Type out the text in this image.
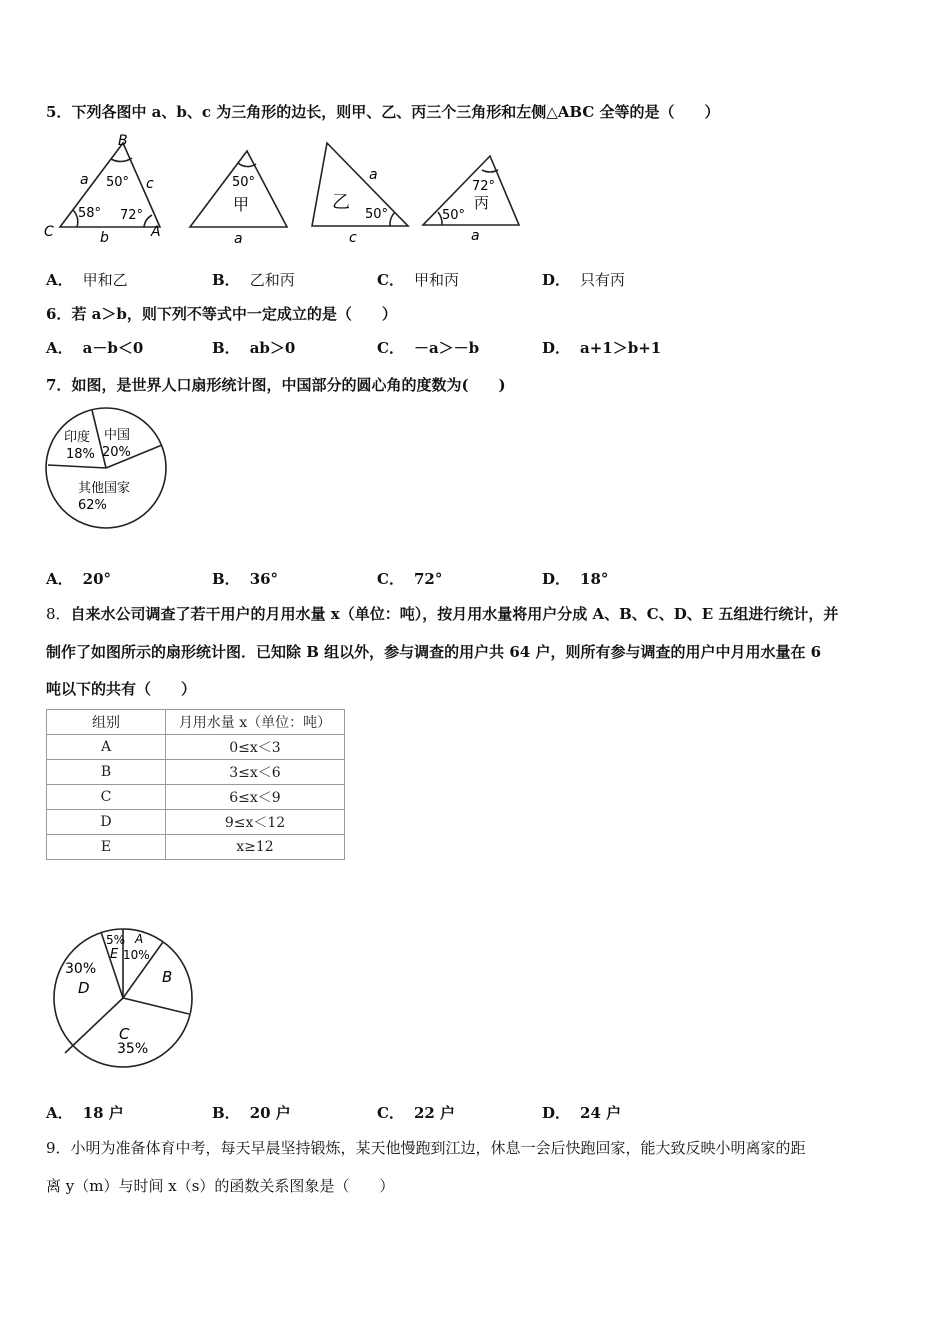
5．下列各图中 a、b、c 为三角形的边长，则甲、乙、丙三个三角形和左侧△ABC 全等的是（　　）
B
C	A
a	c
b
50°
58° 72°
50°
甲
a
a
乙
50°
c
72°
丙
50°
a
A． 甲和乙	B． 乙和丙	C． 甲和丙	D． 只有丙
6．若 a＞b，则下列不等式中一定成立的是（　　）
A． a－b＜0	B． ab＞0	C． －a＞－b	D． a+1＞b+1
7．如图，是世界人口扇形统计图，中国部分的圆心角的度数为(　　)
印度
18%
中国
20%
其他国家
62%
A． 20°	B． 36°	C． 72°	D． 18°
8．自来水公司调查了若干用户的月用水量 x（单位：吨），按月用水量将用户分成 A、B、C、D、E 五组进行统计，并
制作了如图所示的扇形统计图．已知除 B 组以外，参与调查的用户共 64 户，则所有参与调查的用户中月用水量在 6
吨以下的共有（　　）
组别	月用水量 x（单位：吨）
A	0≤x＜3
B	3≤x＜6
C	6≤x＜9
D	9≤x＜12
E	x≥12
5%
E
A
10%
B
30%
D
C
35%
A． 18 户	B． 20 户	C． 22 户	D． 24 户
9．小明为准备体育中考，每天早晨坚持锻炼，某天他慢跑到江边，休息一会后快跑回家，能大致反映小明离家的距
离 y（m）与时间 x（s）的函数关系图象是（　　）
